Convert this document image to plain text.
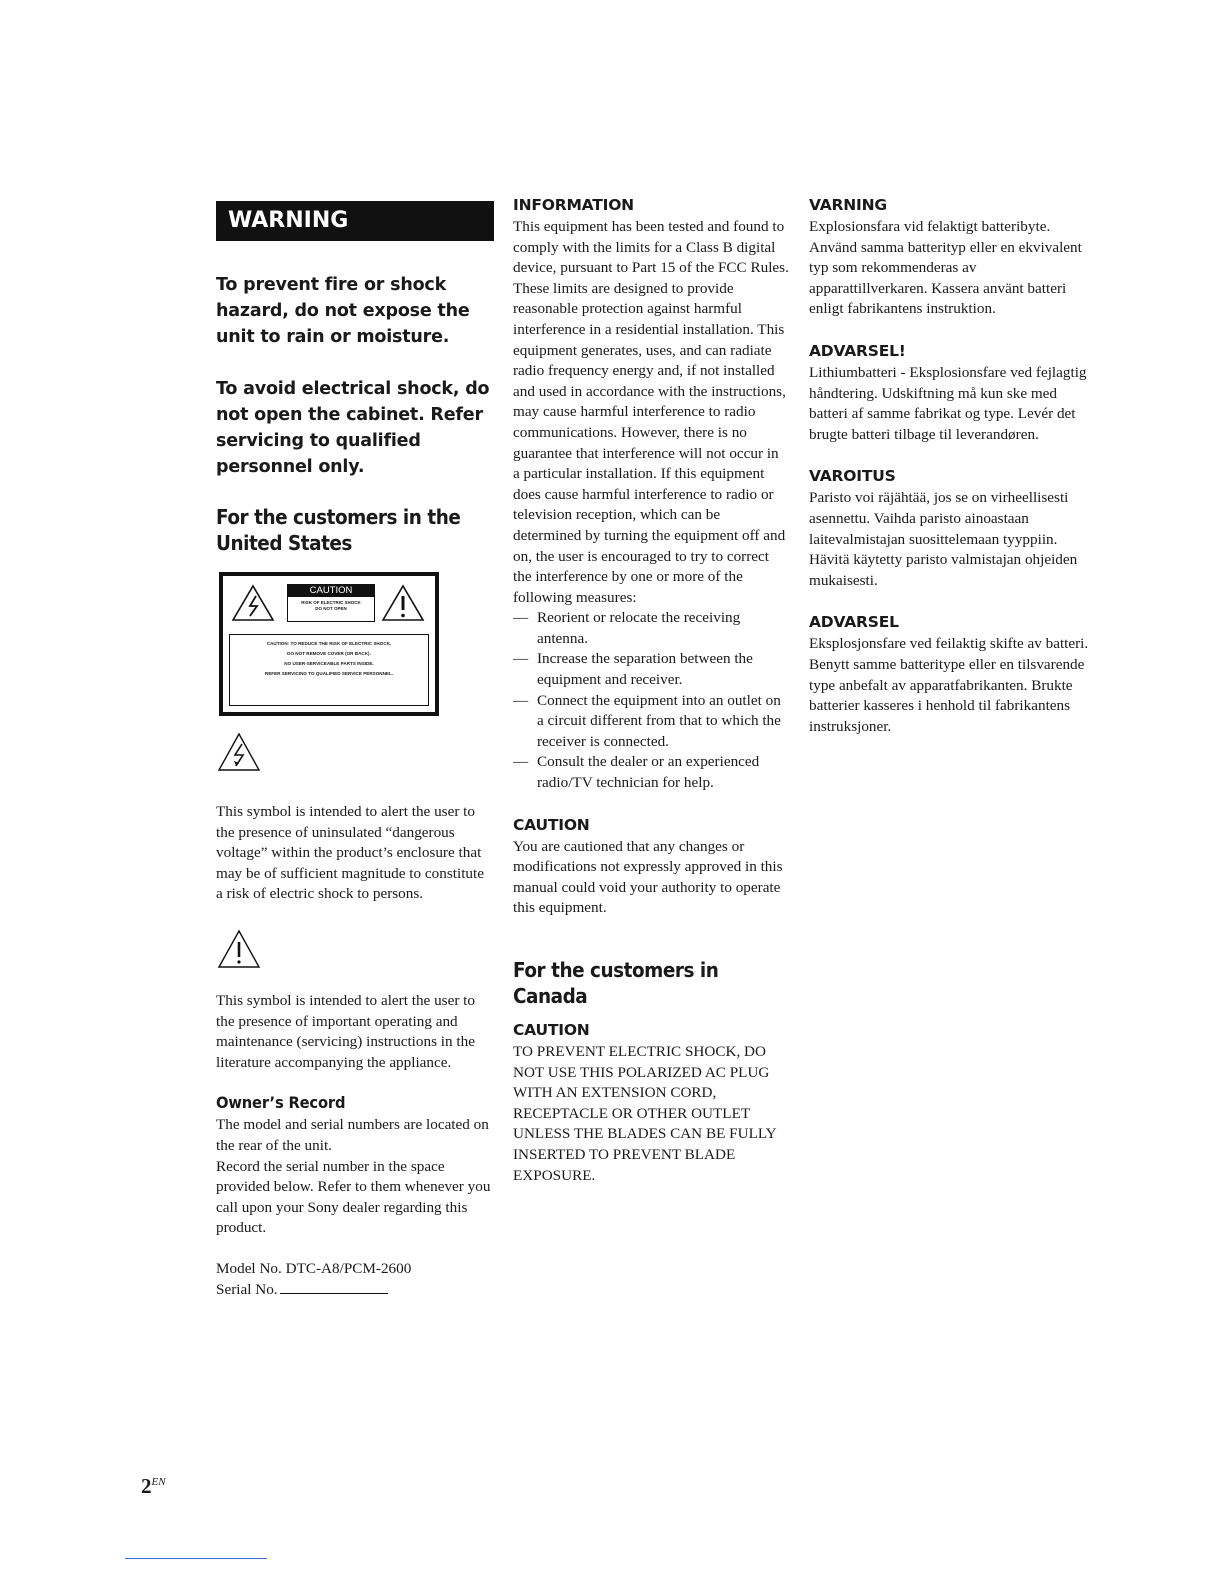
WARNING

To prevent fire or shock hazard, do not expose the unit to rain or moisture.

To avoid electrical shock, do not open the cabinet. Refer servicing to qualified personnel only.

For the customers in the

United States

CAUTION
RISK OF ELECTRIC SHOCK
DO NOT OPEN
CAUTION: TO REDUCE THE RISK OF ELECTRIC SHOCK,
DO NOT REMOVE COVER (OR BACK).
NO USER-SERVICEABLE PARTS INSIDE.
REFER SERVICING TO QUALIFIED SERVICE PERSONNEL.
This symbol is intended to alert the user to the presence of uninsulated “dangerous voltage” within the product’s enclosure that may be of sufficient magnitude to constitute a risk of electric shock to persons.
This symbol is intended to alert the user to the presence of important operating and maintenance (servicing) instructions in the literature accompanying the appliance.
Owner’s Record

The model and serial numbers are located on the rear of the unit.

Record the serial number in the space provided below. Refer to them whenever you call upon your Sony dealer regarding this product.

Model No. DTC-A8/PCM-2600

Serial No.

INFORMATION

This equipment has been tested and found to comply with the limits for a Class B digital device, pursuant to Part 15 of the FCC Rules.

These limits are designed to provide reasonable protection against harmful interference in a residential installation. This equipment generates, uses, and can radiate radio frequency energy and, if not installed and used in accordance with the instructions, may cause harmful interference to radio communications. However, there is no guarantee that interference will not occur in a particular installation. If this equipment does cause harmful interference to radio or television reception, which can be determined by turning the equipment off and on, the user is encouraged to try to correct the interference by one or more of the following measures:

— Reorient or relocate the receiving antenna.
— Increase the separation between the equipment and receiver.
— Connect the equipment into an outlet on a circuit different from that to which the receiver is connected.
— Consult the dealer or an experienced radio/TV technician for help.
CAUTION
You are cautioned that any changes or modifications not expressly approved in this manual could void your authority to operate this equipment.
For the customers in Canada
CAUTION
TO PREVENT ELECTRIC SHOCK, DO NOT USE THIS POLARIZED AC PLUG WITH AN EXTENSION CORD, RECEPTACLE OR OTHER OUTLET UNLESS THE BLADES CAN BE FULLY INSERTED TO PREVENT BLADE EXPOSURE.
VARNING
Explosionsfara vid felaktigt batteribyte. Använd samma batterityp eller en ekvivalent typ som rekommenderas av apparattillverkaren. Kassera använt batteri enligt fabrikantens instruktion.
ADVARSEL!
Lithiumbatteri - Eksplosionsfare ved fejlagtig håndtering. Udskiftning må kun ske med batteri af samme fabrikat og type. Levér det brugte batteri tilbage til leverandøren.
VAROITUS
Paristo voi räjähtää, jos se on virheellisesti asennettu. Vaihda paristo ainoastaan laitevalmistajan suosittelemaan tyyppiin. Hävitä käytetty paristo valmistajan ohjeiden mukaisesti.
ADVARSEL
Eksplosjonsfare ved feilaktig skifte av batteri. Benytt samme batteritype eller en tilsvarende type anbefalt av apparatfabrikanten. Brukte batterier kasseres i henhold til fabrikantens instruksjoner.
$2^{EN}$
